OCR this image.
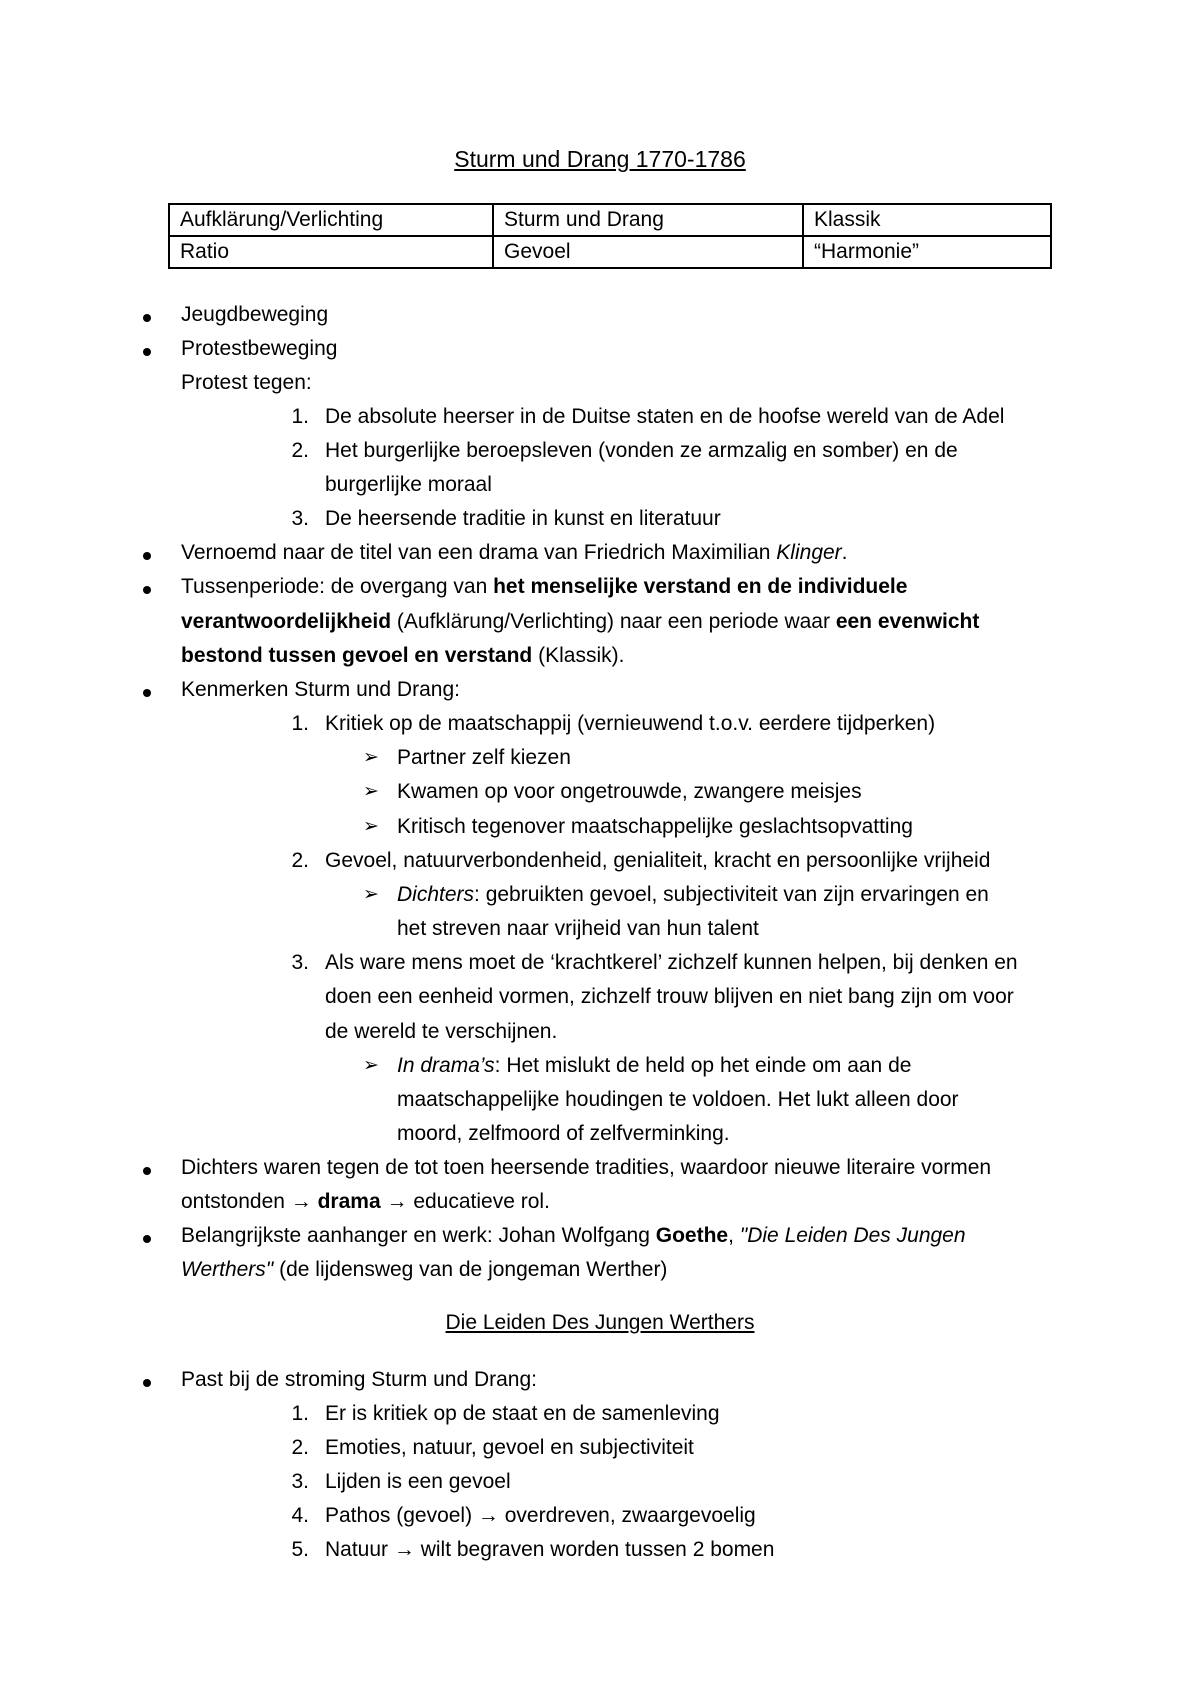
Sturm und Drang 1770-1786
Aufklärung/Verlichting	Sturm und Drang	Klassik
Ratio	Gevoel	“Harmonie”
Jeugdbeweging
Protestbeweging
Protest tegen:
1. De absolute heerser in de Duitse staten en de hoofse wereld van de Adel
2. Het burgerlijke beroepsleven (vonden ze armzalig en somber) en de
burgerlijke moraal
3. De heersende traditie in kunst en literatuur
Vernoemd naar de titel van een drama van Friedrich Maximilian Klinger.
Tussenperiode: de overgang van het menselijke verstand en de individuele
verantwoordelijkheid (Aufklärung/Verlichting) naar een periode waar een evenwicht
bestond tussen gevoel en verstand (Klassik).
Kenmerken Sturm und Drang:
1. Kritiek op de maatschappij (vernieuwend t.o.v. eerdere tijdperken)
➢ Partner zelf kiezen
➢ Kwamen op voor ongetrouwde, zwangere meisjes
➢ Kritisch tegenover maatschappelijke geslachtsopvatting
2. Gevoel, natuurverbondenheid, genialiteit, kracht en persoonlijke vrijheid
➢ Dichters: gebruikten gevoel, subjectiviteit van zijn ervaringen en
het streven naar vrijheid van hun talent
3. Als ware mens moet de ‘krachtkerel’ zichzelf kunnen helpen, bij denken en
doen een eenheid vormen, zichzelf trouw blijven en niet bang zijn om voor
de wereld te verschijnen.
➢ In drama’s: Het mislukt de held op het einde om aan de
maatschappelijke houdingen te voldoen. Het lukt alleen door
moord, zelfmoord of zelfverminking.
Dichters waren tegen de tot toen heersende tradities, waardoor nieuwe literaire vormen
ontstonden → drama → educatieve rol.
Belangrijkste aanhanger en werk: Johan Wolfgang Goethe, "Die Leiden Des Jungen
Werthers" (de lijdensweg van de jongeman Werther)
Die Leiden Des Jungen Werthers
Past bij de stroming Sturm und Drang:
1. Er is kritiek op de staat en de samenleving
2. Emoties, natuur, gevoel en subjectiviteit
3. Lijden is een gevoel
4. Pathos (gevoel) → overdreven, zwaargevoelig
5. Natuur → wilt begraven worden tussen 2 bomen
